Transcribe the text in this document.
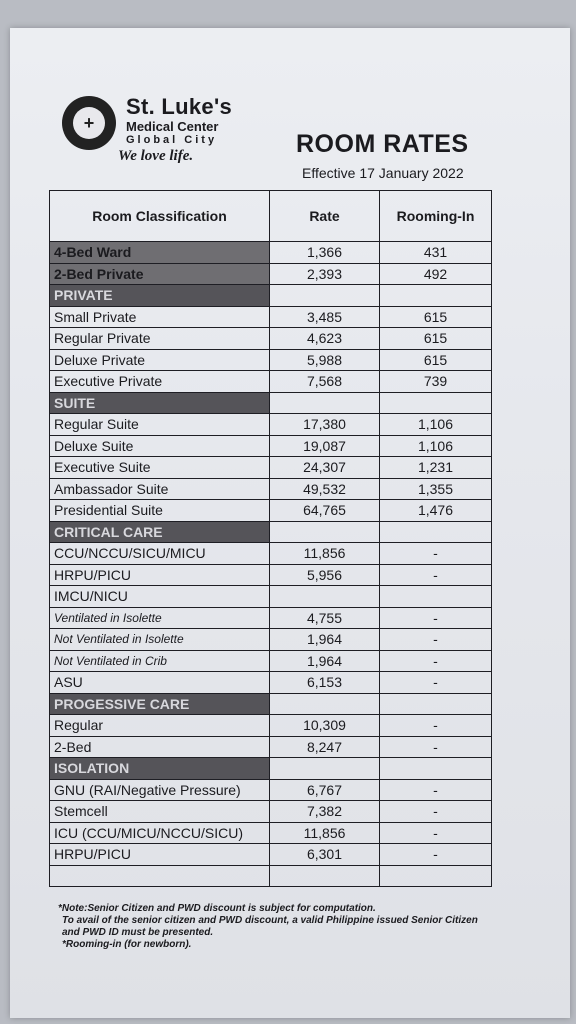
+
St. Luke's
Medical Center
Global City
We love life.	ROOM RATES
Effective 17 January 2022
Room Classification	Rate	Rooming-In
4-Bed Ward	1,366	431
2-Bed Private	2,393	492
PRIVATE		
Small Private	3,485	615
Regular Private	4,623	615
Deluxe Private	5,988	615
Executive Private	7,568	739
SUITE		
Regular Suite	17,380	1,106
Deluxe Suite	19,087	1,106
Executive Suite	24,307	1,231
Ambassador Suite	49,532	1,355
Presidential Suite	64,765	1,476
CRITICAL CARE		
CCU/NCCU/SICU/MICU	11,856	-
HRPU/PICU	5,956	-
IMCU/NICU		
Ventilated in Isolette	4,755	-
Not Ventilated in Isolette	1,964	-
Not Ventilated in Crib	1,964	-
ASU	6,153	-
PROGESSIVE CARE		
Regular	10,309	-
2-Bed	8,247	-
ISOLATION		
GNU (RAI/Negative Pressure)	6,767	-
Stemcell	7,382	-
ICU (CCU/MICU/NCCU/SICU)	11,856	-
HRPU/PICU	6,301	-

*Note:Senior Citizen and PWD discount is subject for computation.
To avail of the senior citizen and PWD discount, a valid Philippine issued Senior Citizen
and PWD ID must be presented.
*Rooming-in (for newborn).
